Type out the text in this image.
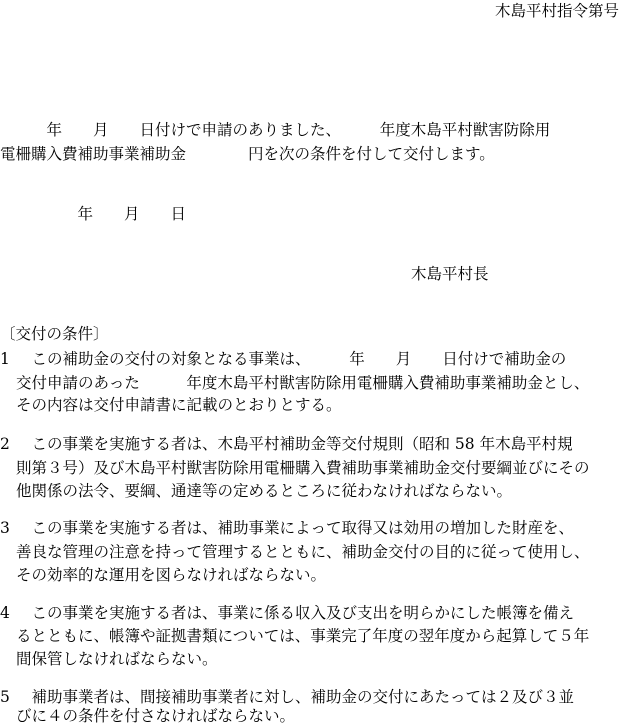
木島平村指令第号
　　　年　　月　　日付けで申請のありました、　　　年度木島平村獣害防除用
電柵購入費補助事業補助金　　　　円を次の条件を付して交付します。
　　　　　年　　月　　日
木島平村長
〔交付の条件〕
1 　この補助金の交付の対象となる事業は、　　　年　　月　　日付けで補助金の
交付申請のあった　　　年度木島平村獣害防除用電柵購入費補助事業補助金とし、
その内容は交付申請書に記載のとおりとする。
2 　この事業を実施する者は、木島平村補助金等交付規則（昭和 58 年木島平村規
則第３号）及び木島平村獣害防除用電柵購入費補助事業補助金交付要綱並びにその
他関係の法令、要綱、通達等の定めるところに従わなければならない。
3 　この事業を実施する者は、補助事業によって取得又は効用の増加した財産を、
善良な管理の注意を持って管理するとともに、補助金交付の目的に従って使用し、
その効率的な運用を図らなければならない。
4 　この事業を実施する者は、事業に係る収入及び支出を明らかにした帳簿を備え
るとともに、帳簿や証拠書類については、事業完了年度の翌年度から起算して５年
間保管しなければならない。
5 　補助事業者は、間接補助事業者に対し、補助金の交付にあたっては２及び３並
びに４の条件を付さなければならない。
